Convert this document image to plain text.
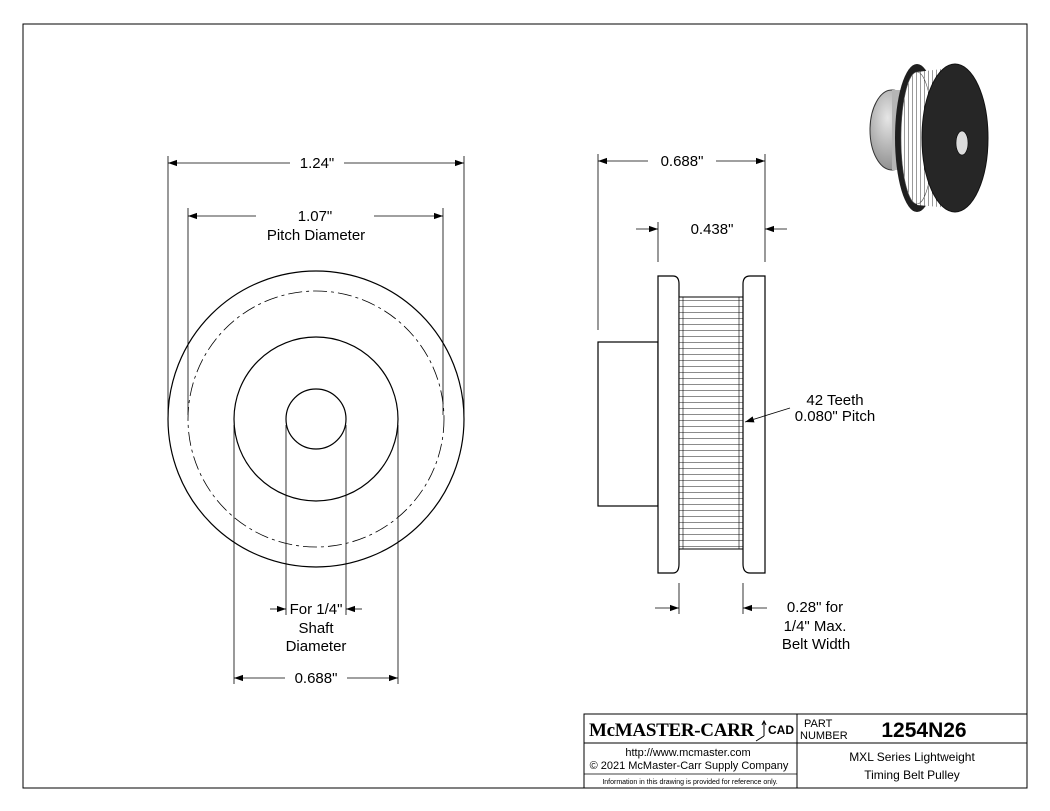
1.24"
1.07"
Pitch Diameter
For 1/4"
Shaft
Diameter
0.688"
0.688"
0.438"
42 Teeth
0.080" Pitch
0.28" for
1/4" Max.
Belt Width
McMASTER-CARR CAD PART
NUMBER 1254N26
http://www.mcmaster.com
© 2021 McMaster-Carr Supply Company
Information in this drawing is provided for reference only.
MXL Series Lightweight
Timing Belt Pulley
